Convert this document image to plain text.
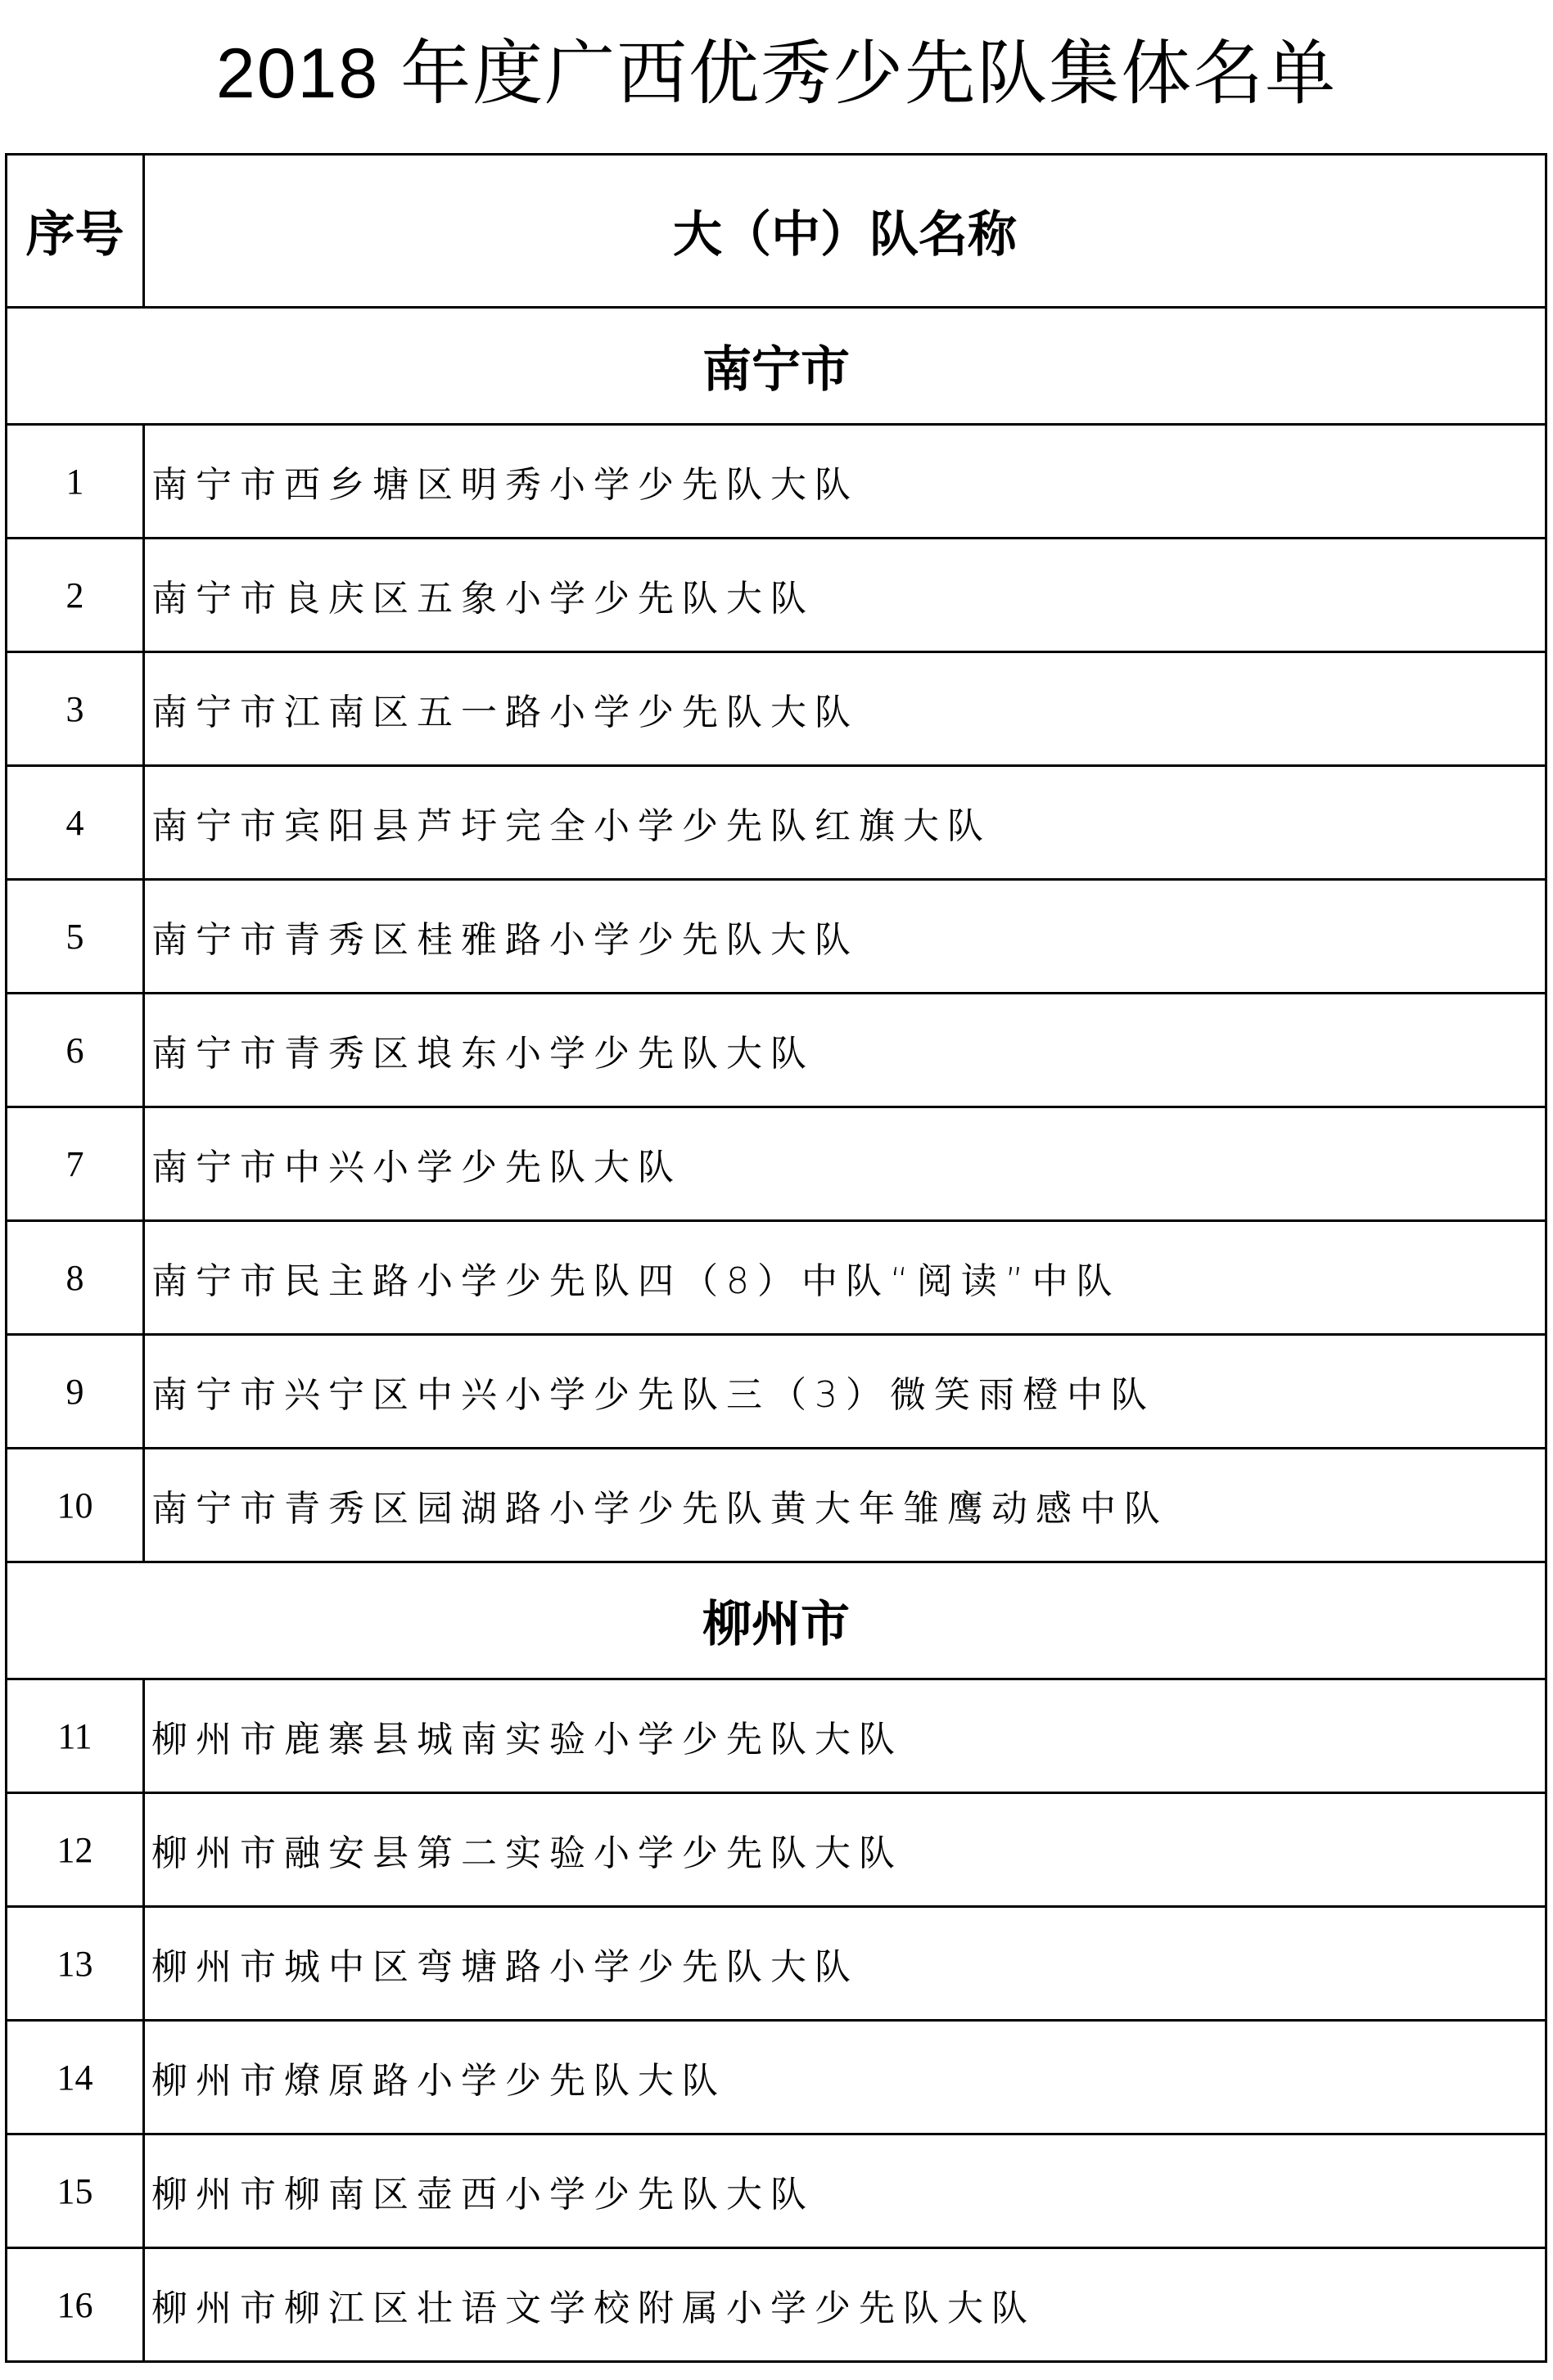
2018 年度广西优秀少先队集体名单
序号	大（中）队名称
南宁市	
1	南宁市西乡塘区明秀小学少先队大队
2	南宁市良庆区五象小学少先队大队
3	南宁市江南区五一路小学少先队大队
4	南宁市宾阳县芦圩完全小学少先队红旗大队
5	南宁市青秀区桂雅路小学少先队大队
6	南宁市青秀区埌东小学少先队大队
7	南宁市中兴小学少先队大队
8	南宁市民主路小学少先队四（8）中队“阅读”中队
9	南宁市兴宁区中兴小学少先队三（3）微笑雨橙中队
10	南宁市青秀区园湖路小学少先队黄大年雏鹰动感中队
柳州市	
11	柳州市鹿寨县城南实验小学少先队大队
12	柳州市融安县第二实验小学少先队大队
13	柳州市城中区弯塘路小学少先队大队
14	柳州市燎原路小学少先队大队
15	柳州市柳南区壶西小学少先队大队
16	柳州市柳江区壮语文学校附属小学少先队大队
